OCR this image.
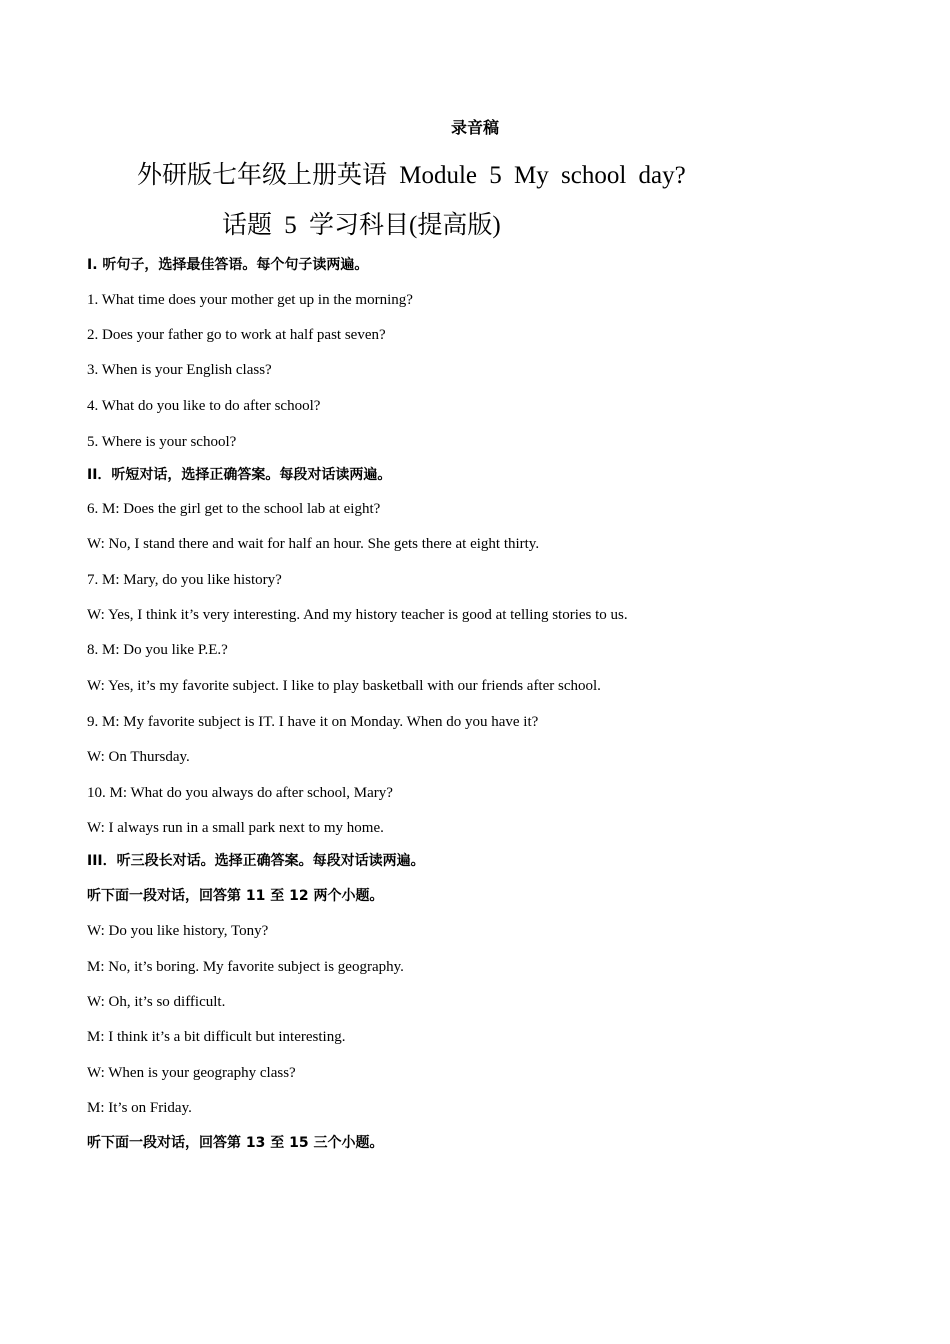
录音稿
外研版七年级上册英语 Module 5 My school day?
话题 5 学习科目(提高版)
Ⅰ. 听句子，选择最佳答语。每个句子读两遍。
1. What time does your mother get up in the morning?
2. Does your father go to work at half past seven?
3. When is your English class?
4. What do you like to do after school?
5. Where is your school?
II．听短对话，选择正确答案。每段对话读两遍。
6. M: Does the girl get to the school lab at eight?
W: No, I stand there and wait for half an hour. She gets there at eight thirty.
7. M: Mary, do you like history?
W: Yes, I think it’s very interesting. And my history teacher is good at telling stories to us.
8. M: Do you like P.E.?
W: Yes, it’s my favorite subject. I like to play basketball with our friends after school.
9. M: My favorite subject is IT. I have it on Monday. When do you have it?
W: On Thursday.
10. M: What do you always do after school, Mary?
W: I always run in a small park next to my home.
III．听三段长对话。选择正确答案。每段对话读两遍。
听下面一段对话，回答第 11 至 12 两个小题。
W: Do you like history, Tony?
M: No, it’s boring. My favorite subject is geography.
W: Oh, it’s so difficult.
M: I think it’s a bit difficult but interesting.
W: When is your geography class?
M: It’s on Friday.
听下面一段对话，回答第 13 至 15 三个小题。
